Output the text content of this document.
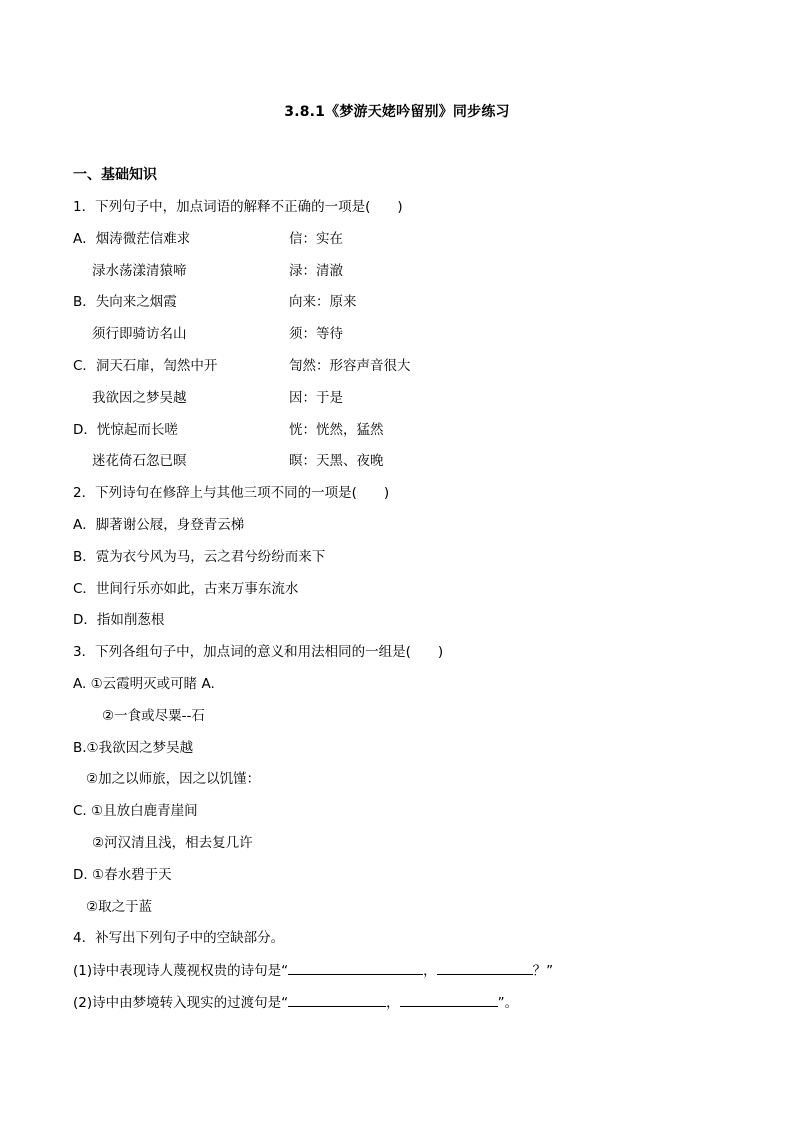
3.8.1《梦游天姥吟留别》同步练习
一、基础知识
1．下列句子中，加点词语的解释不正确的一项是(　　)
A．烟涛微茫信难求	信：实在
渌水荡漾清猿啼	渌：清澈
B．失向来之烟霞	向来：原来
须行即骑访名山	须：等待
C．洞天石扉，訇然中开	訇然：形容声音很大
我欲因之梦吴越	因：于是
D．恍惊起而长嗟	恍：恍然，猛然
迷花倚石忽已暝	暝：天黑、夜晚
2．下列诗句在修辞上与其他三项不同的一项是(　　)
A．脚著谢公屐，身登青云梯
B．霓为衣兮风为马，云之君兮纷纷而来下
C．世间行乐亦如此，古来万事东流水
D．指如削葱根
3．下列各组句子中，加点词的意义和用法相同的一组是(　　)
A. ①云霞明灭或可睹 A.
②一食或尽粟--石
B.①我欲因之梦吴越
②加之以师旅，因之以饥馑：
C. ①且放白鹿青崖间
②河汉清且浅，相去复几许
D. ①春水碧于天
②取之于蓝
4．补写出下列句子中的空缺部分。
(1)诗中表现诗人蔑视权贵的诗句是“	，	？”
(2)诗中由梦境转入现实的过渡句是“	，	”。
